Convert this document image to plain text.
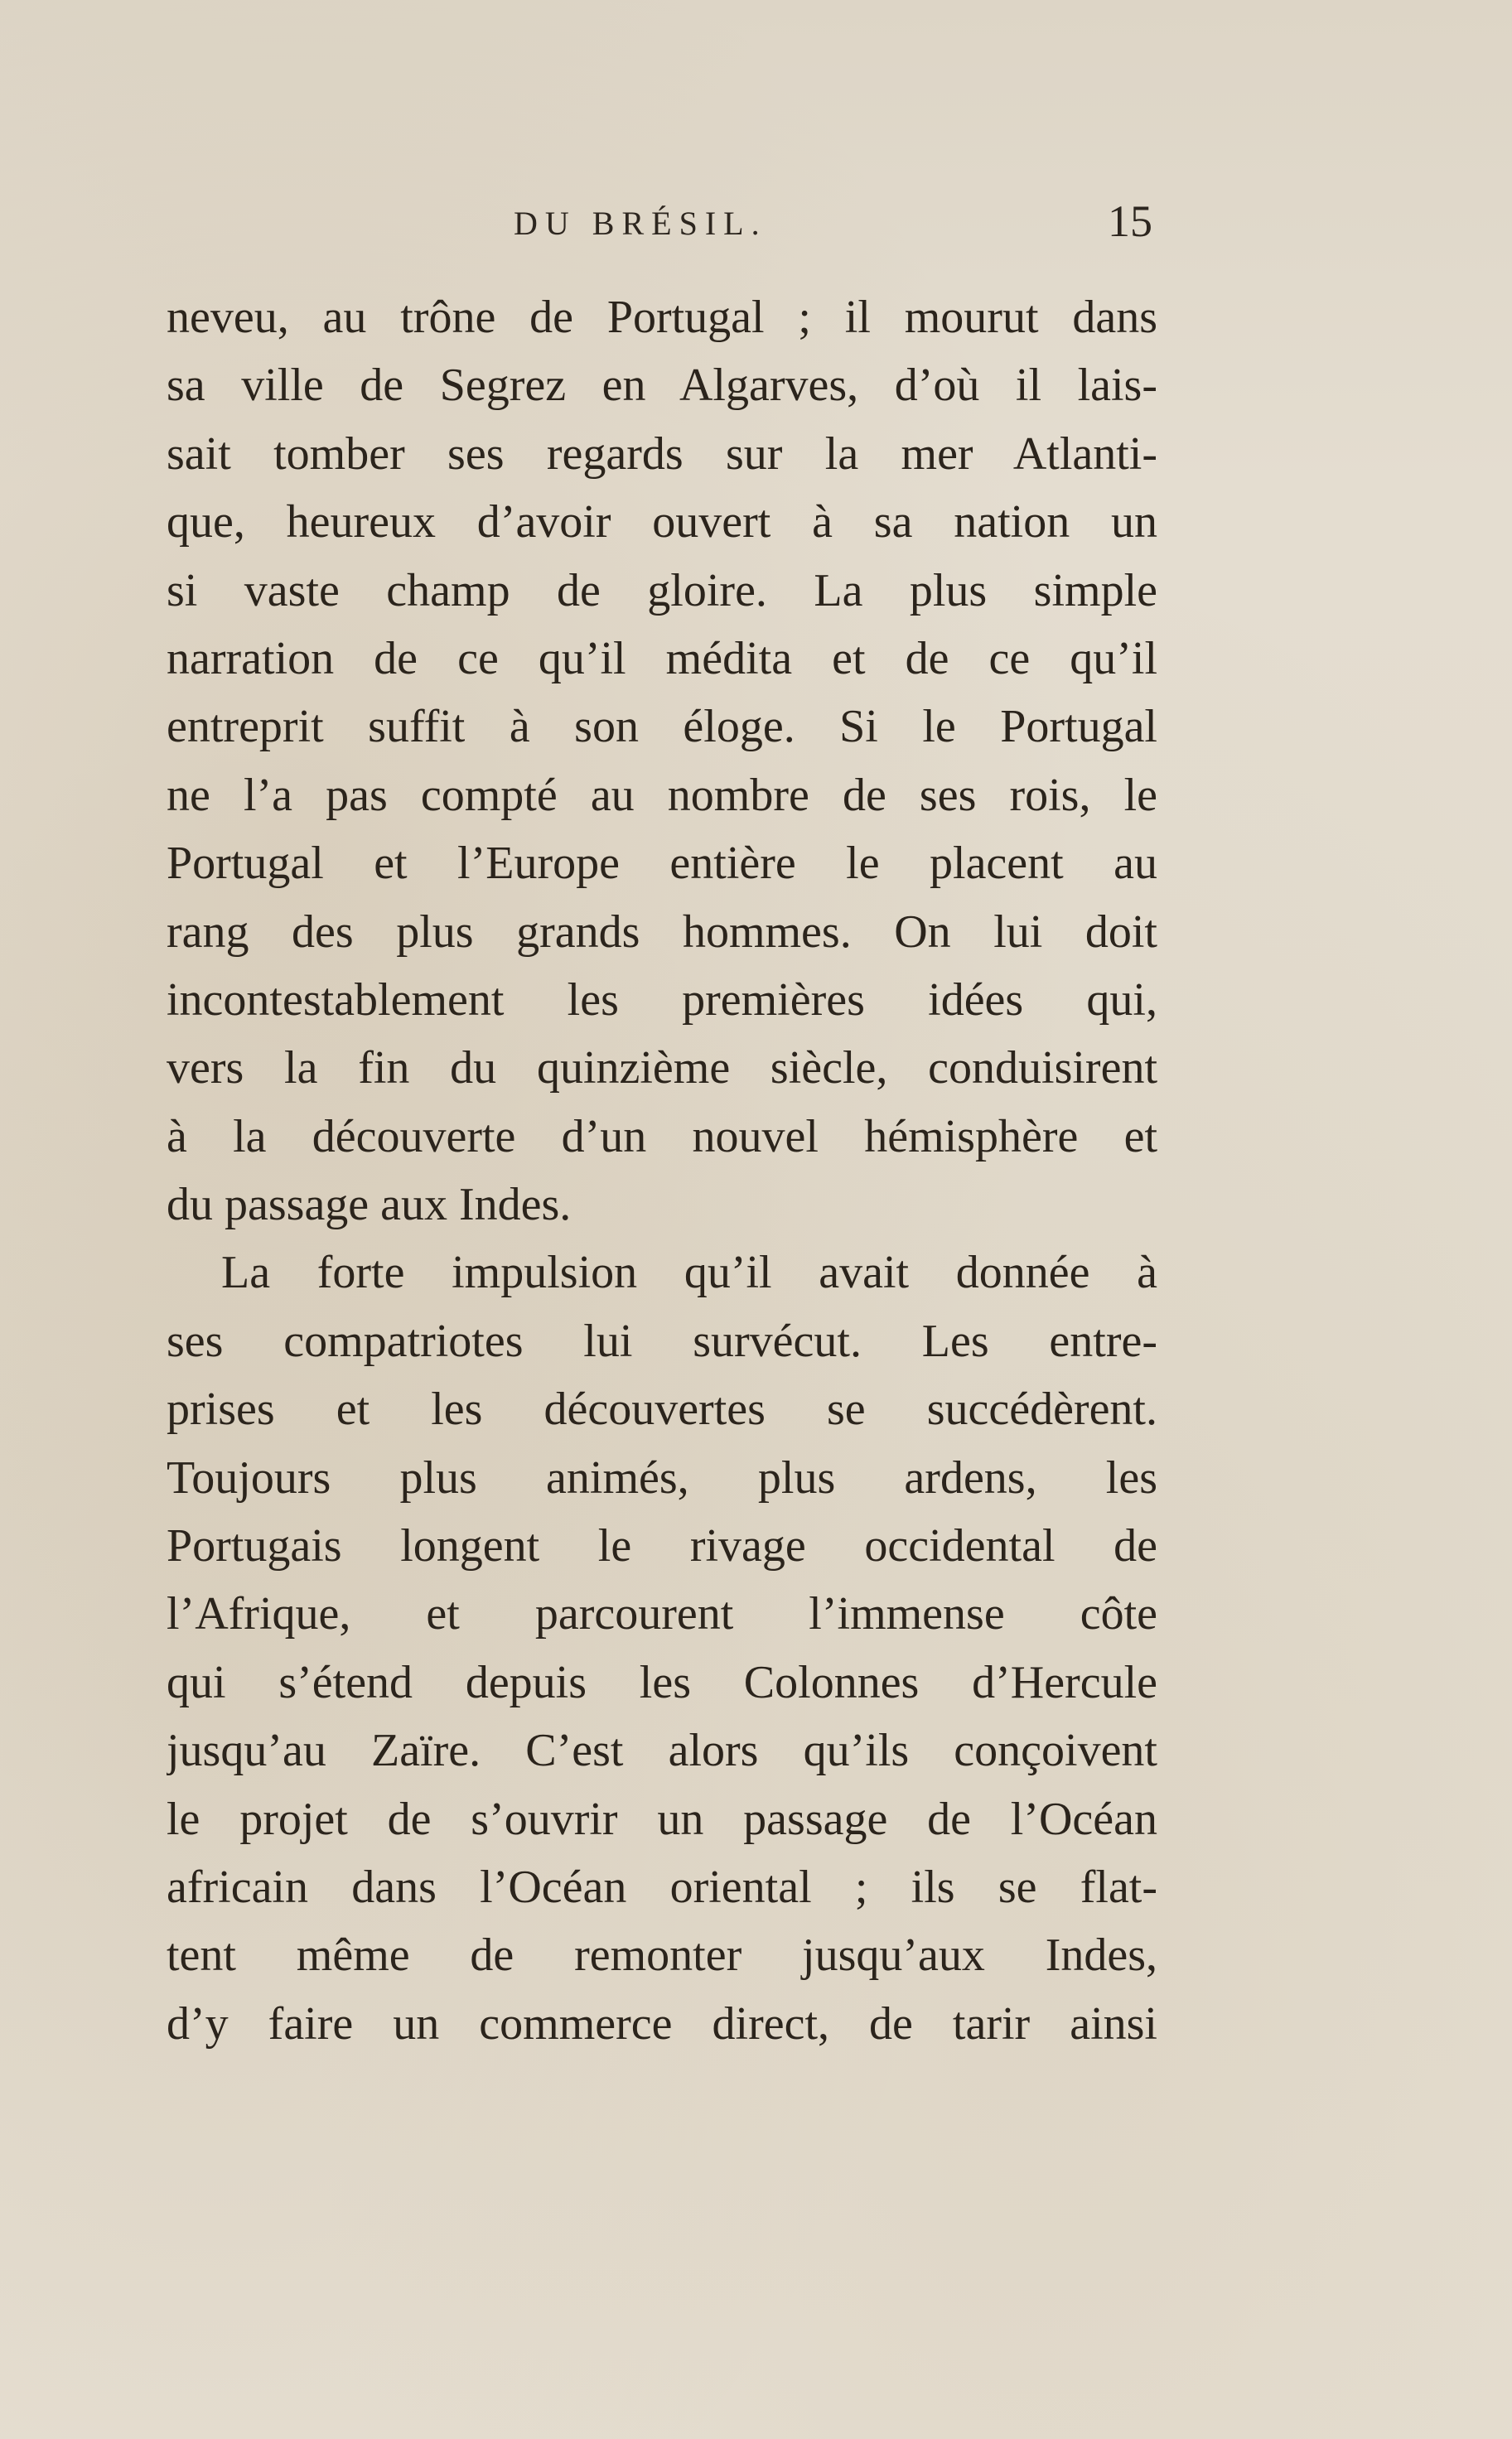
DU BRÉSIL.	15
neveu, au trône de Portugal ; il mourut dans
sa ville de Segrez en Algarves, d’où il lais-
sait tomber ses regards sur la mer Atlanti-
que, heureux d’avoir ouvert à sa nation un
si vaste champ de gloire. La plus simple
narration de ce qu’il médita et de ce qu’il
entreprit suffit à son éloge. Si le Portugal
ne l’a pas compté au nombre de ses rois, le
Portugal et l’Europe entière le placent au
rang des plus grands hommes. On lui doit
incontestablement les premières idées qui,
vers la fin du quinzième siècle, conduisirent
à la découverte d’un nouvel hémisphère et
du passage aux Indes.
La forte impulsion qu’il avait donnée à
ses compatriotes lui survécut. Les entre-
prises et les découvertes se succédèrent.
Toujours plus animés, plus ardens, les
Portugais longent le rivage occidental de
l’Afrique, et parcourent l’immense côte
qui s’étend depuis les Colonnes d’Hercule
jusqu’au Zaïre. C’est alors qu’ils conçoivent
le projet de s’ouvrir un passage de l’Océan
africain dans l’Océan oriental ; ils se flat-
tent même de remonter jusqu’aux Indes,
d’y faire un commerce direct, de tarir ainsi
